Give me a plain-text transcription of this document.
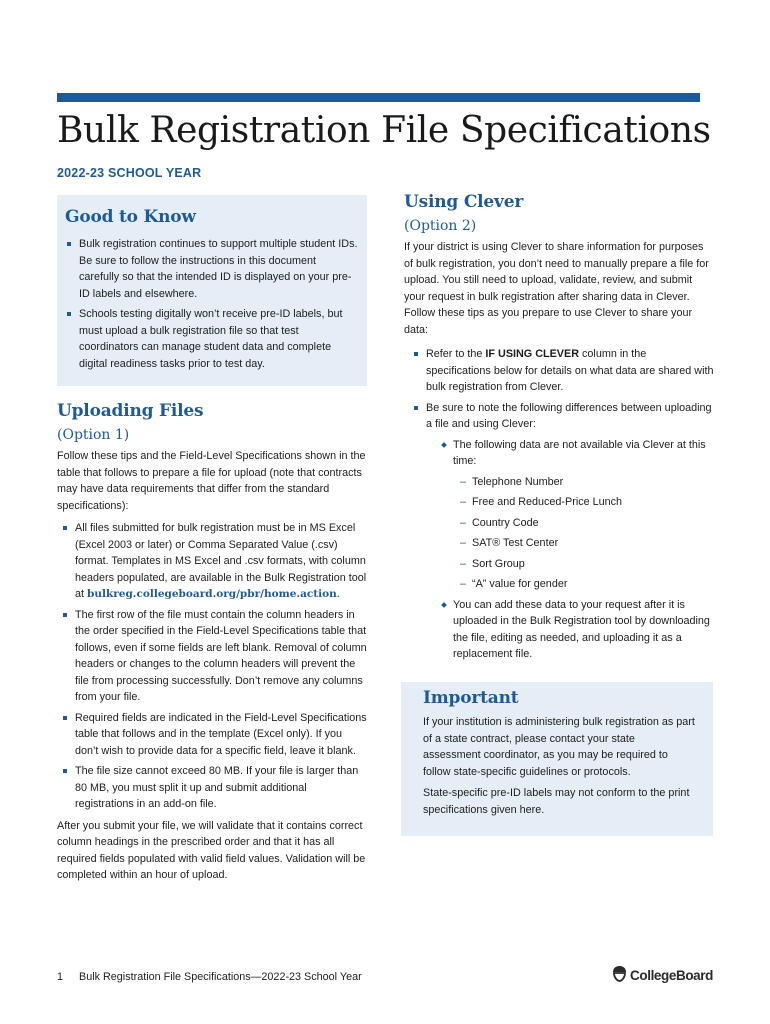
Bulk Registration File Specifications
2022-23 SCHOOL YEAR
Good to Know
Bulk registration continues to support multiple student IDs. Be sure to follow the instructions in this document carefully so that the intended ID is displayed on your pre-ID labels and elsewhere.
Schools testing digitally won’t receive pre-ID labels, but must upload a bulk registration file so that test coordinators can manage student data and complete digital readiness tasks prior to test day.
Uploading Files
(Option 1)

Follow these tips and the Field-Level Specifications shown in the table that follows to prepare a file for upload (note that contracts may have data requirements that differ from the standard specifications):

All files submitted for bulk registration must be in MS Excel (Excel 2003 or later) or Comma Separated Value (.csv) format. Templates in MS Excel and .csv formats, with column headers populated, are available in the Bulk Registration tool at bulkreg.collegeboard.org/pbr/home.action.
The first row of the file must contain the column headers in the order specified in the Field-Level Specifications table that follows, even if some fields are left blank. Removal of column headers or changes to the column headers will prevent the file from processing successfully. Don’t remove any columns from your file.
Required fields are indicated in the Field-Level Specifications table that follows and in the template (Excel only). If you don’t wish to provide data for a specific field, leave it blank.
The file size cannot exceed 80 MB. If your file is larger than 80 MB, you must split it up and submit additional registrations in an add-on file.

After you submit your file, we will validate that it contains correct column headings in the prescribed order and that it has all required fields populated with valid field values. Validation will be completed within an hour of upload.

Using Clever
(Option 2)

If your district is using Clever to share information for purposes of bulk registration, you don’t need to manually prepare a file for upload. You still need to upload, validate, review, and submit your request in bulk registration after sharing data in Clever. Follow these tips as you prepare to use Clever to share your data:

Refer to the IF USING CLEVER column in the specifications below for details on what data are shared with bulk registration from Clever.
Be sure to note the following differences between uploading a file and using Clever:
The following data are not available via Clever at this time:
– Telephone Number
– Free and Reduced-Price Lunch
– Country Code
– SAT® Test Center
– Sort Group
– “A” value for gender
You can add these data to your request after it is uploaded in the Bulk Registration tool by downloading the file, editing as needed, and uploading it as a replacement file.
Important

If your institution is administering bulk registration as part of a state contract, please contact your state assessment coordinator, as you may be required to follow state-specific guidelines or protocols.

State-specific pre-ID labels may not conform to the print specifications given here.

1 Bulk Registration File Specifications—2022-23 School Year	CollegeBoard
